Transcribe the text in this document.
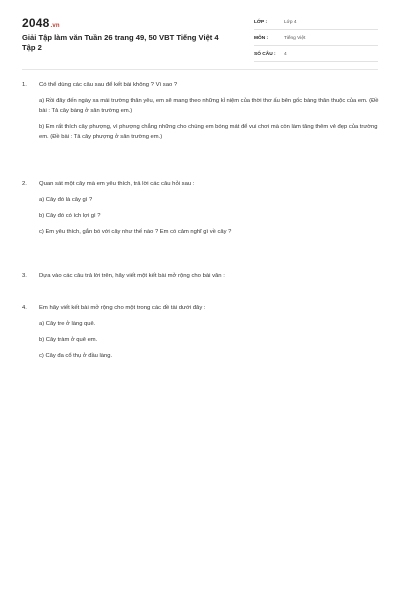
2048.vn
Giải Tập làm văn Tuần 26 trang 49, 50 VBT Tiếng Việt 4 Tập 2
LỚP :	Lớp 4
MÔN :	Tiếng Việt
SỐ CÂU :	4
1.	Có thể dùng các câu sau để kết bài không ? Vì sao ?
a) Rồi đây đến ngày xa mái trường thân yêu, em sẽ mang theo những kỉ niệm của thời thơ ấu bên gốc bàng thân thuộc của em. (Đề bài : Tả cây bàng ở sân trường em.)
b) Em rất thích cây phượng, vì phượng chẳng những cho chúng em bóng mát để vui chơi mà còn làm tăng thêm vẻ đẹp của trường em. (Đề bài : Tả cây phượng ở sân trường em.)
2.	Quan sát một cây mà em yêu thích, trả lời các câu hỏi sau :
a) Cây đó là cây gì ?
b) Cây đó có ích lợi gì ?
c) Em yêu thích, gắn bó với cây như thế nào ? Em có cảm nghĩ gì về cây ?
3.	Dựa vào các câu trả lời trên, hãy viết một kết bài mở rộng cho bài văn :
4.	Em hãy viết kết bài mở rộng cho một trong các đề tài dưới đây :
a) Cây tre ở làng quê.
b) Cây tràm ở quê em.
c) Cây đa cổ thụ ở đầu làng.
